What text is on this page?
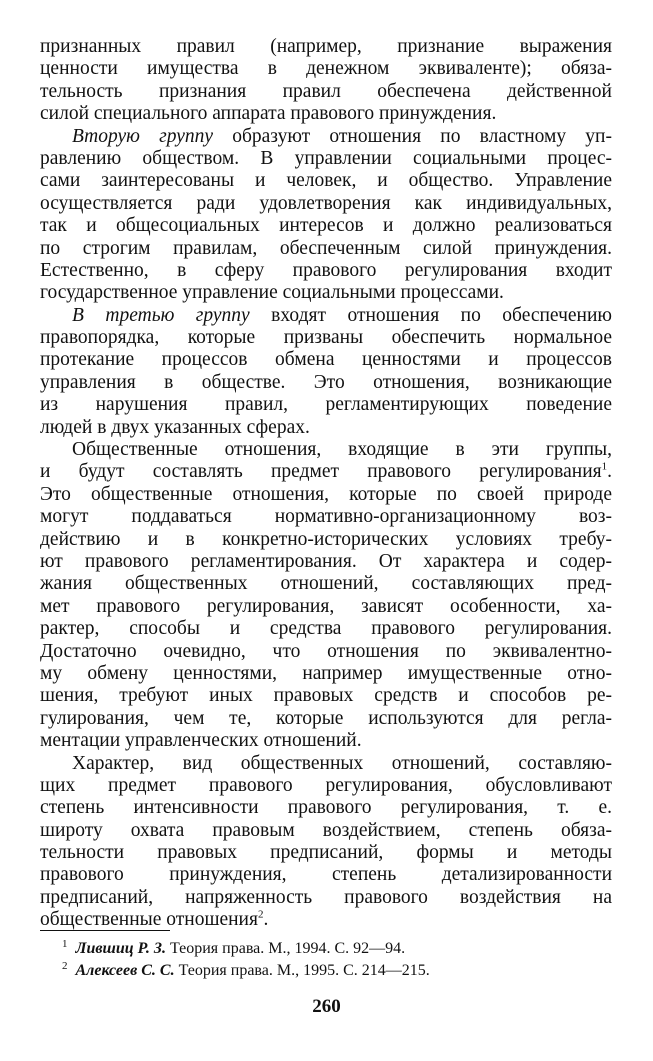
признанных правил (например, признание выражения
ценности имущества в денежном эквиваленте); обяза-
тельность признания правил обеспечена действенной
силой специального аппарата правового принуждения.
Вторую группу образуют отношения по властному уп-
равлению обществом. В управлении социальными процес-
сами заинтересованы и человек, и общество. Управление
осуществляется ради удовлетворения как индивидуальных,
так и общесоциальных интересов и должно реализоваться
по строгим правилам, обеспеченным силой принуждения.
Естественно, в сферу правового регулирования входит
государственное управление социальными процессами.
В третью группу входят отношения по обеспечению
правопорядка, которые призваны обеспечить нормальное
протекание процессов обмена ценностями и процессов
управления в обществе. Это отношения, возникающие
из нарушения правил, регламентирующих поведение
людей в двух указанных сферах.
Общественные отношения, входящие в эти группы,
и будут составлять предмет правового регулирования$^1$.
Это общественные отношения, которые по своей природе
могут поддаваться нормативно-организационному воз-
действию и в конкретно-исторических условиях требу-
ют правового регламентирования. От характера и содер-
жания общественных отношений, составляющих пред-
мет правового регулирования, зависят особенности, ха-
рактер, способы и средства правового регулирования.
Достаточно очевидно, что отношения по эквивалентно-
му обмену ценностями, например имущественные отно-
шения, требуют иных правовых средств и способов ре-
гулирования, чем те, которые используются для регла-
ментации управленческих отношений.
Характер, вид общественных отношений, составляю-
щих предмет правового регулирования, обусловливают
степень интенсивности правового регулирования, т. е.
широту охвата правовым воздействием, степень обяза-
тельности правовых предписаний, формы и методы
правового принуждения, степень детализированности
предписаний, напряженность правового воздействия на
общественные отношения$^2$.
$^1$ Лившиц Р. З. Теория права. М., 1994. С. 92—94.
$^2$ Алексеев С. С. Теория права. М., 1995. С. 214—215.
260
